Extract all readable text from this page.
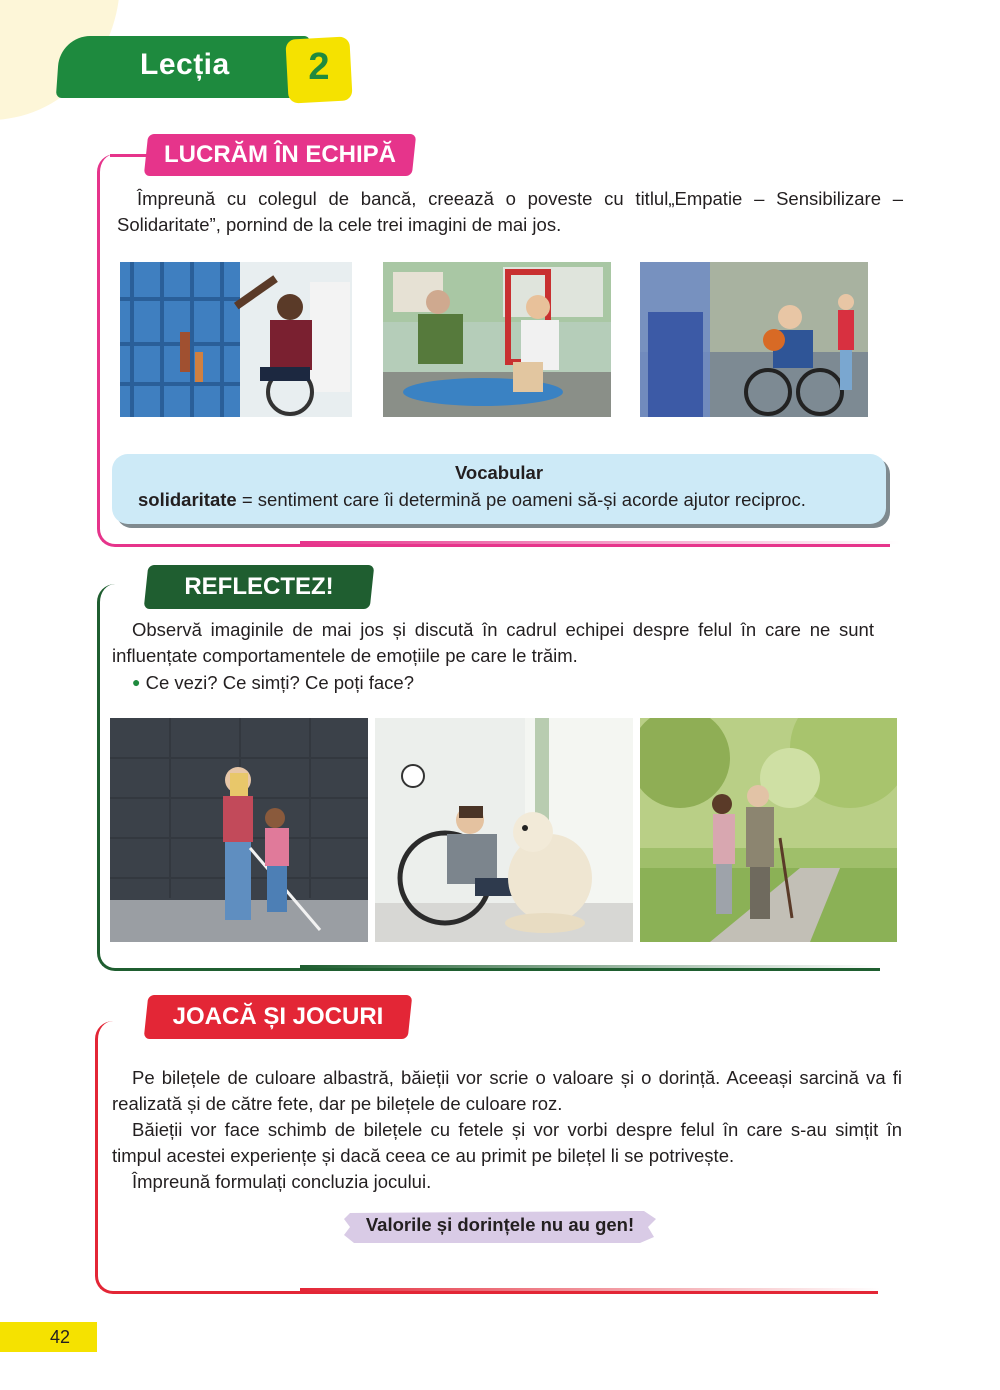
Lecția	2
LUCRĂM ÎN ECHIPĂ

Împreună cu colegul de bancă, creează o poveste cu titlul„Empatie – Sensibilizare – Solidaritate”, pornind de la cele trei imagini de mai jos.

Vocabular
solidaritate = sentiment care îi determină pe oameni să-și acorde ajutor reciproc.
REFLECTEZ!

Observă imaginile de mai jos și discută în cadrul echipei despre felul în care ne sunt influențate comportamentele de emoțiile pe care le trăim.

● Ce vezi? Ce simți? Ce poți face?

JOACĂ ȘI JOCURI

Pe bilețele de culoare albastră, băieții vor scrie o valoare și o dorință. Aceeași sarcină va fi realizată și de către fete, dar pe bilețele de culoare roz.

Băieții vor face schimb de bilețele cu fetele și vor vorbi despre felul în care s-au simțit în timpul acestei experiențe și dacă ceea ce au primit pe bilețel li se potrivește.

Împreună formulați concluzia jocului.

Valorile și dorințele nu au gen!
42
